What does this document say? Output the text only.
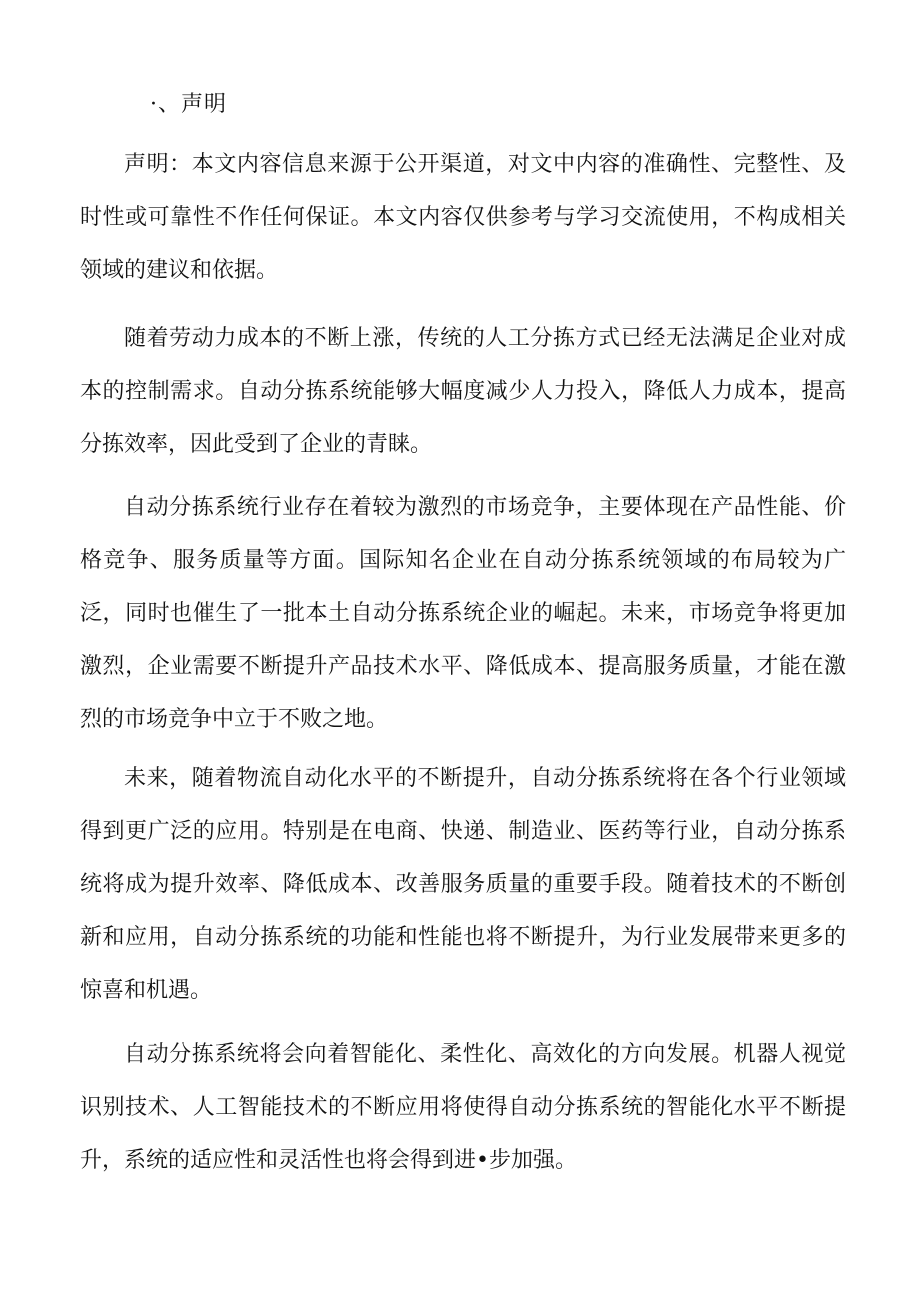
·、声明

声明：本文内容信息来源于公开渠道，对文中内容的准确性、完整性、及时性或可靠性不作任何保证。本文内容仅供参考与学习交流使用，不构成相关领域的建议和依据。

随着劳动力成本的不断上涨，传统的人工分拣方式已经无法满足企业对成本的控制需求。自动分拣系统能够大幅度减少人力投入，降低人力成本，提高分拣效率，因此受到了企业的青睐。

自动分拣系统行业存在着较为激烈的市场竞争，主要体现在产品性能、价格竞争、服务质量等方面。国际知名企业在自动分拣系统领域的布局较为广泛，同时也催生了一批本土自动分拣系统企业的崛起。未来，市场竞争将更加激烈，企业需要不断提升产品技术水平、降低成本、提高服务质量，才能在激烈的市场竞争中立于不败之地。

未来，随着物流自动化水平的不断提升，自动分拣系统将在各个行业领域得到更广泛的应用。特别是在电商、快递、制造业、医药等行业，自动分拣系统将成为提升效率、降低成本、改善服务质量的重要手段。随着技术的不断创新和应用，自动分拣系统的功能和性能也将不断提升，为行业发展带来更多的惊喜和机遇。

自动分拣系统将会向着智能化、柔性化、高效化的方向发展。机器人视觉识别技术、人工智能技术的不断应用将使得自动分拣系统的智能化水平不断提升，系统的适应性和灵活性也将会得到进•步加强。
